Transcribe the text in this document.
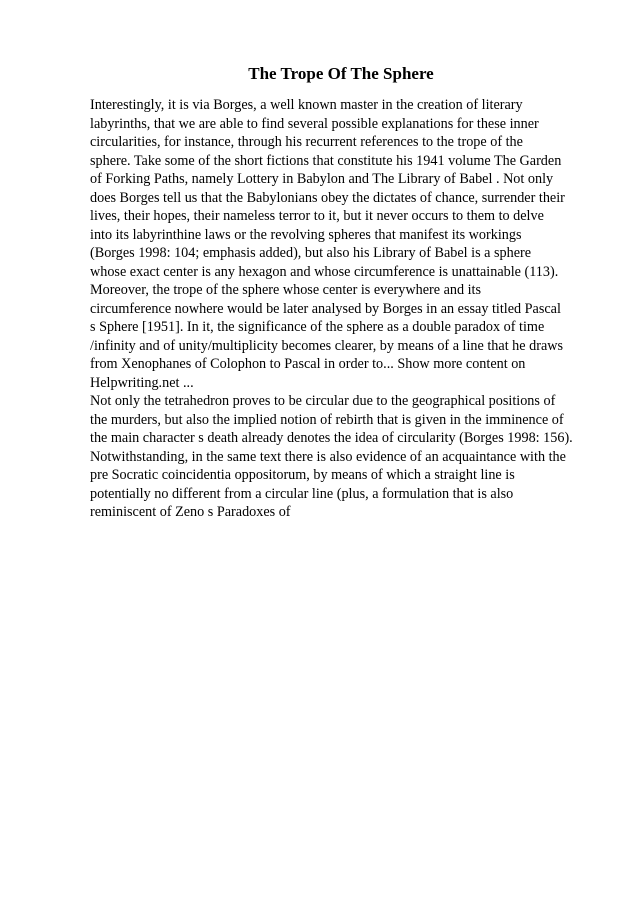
The Trope Of The Sphere
Interestingly, it is via Borges, a well known master in the creation of literary
labyrinths, that we are able to find several possible explanations for these inner
circularities, for instance, through his recurrent references to the trope of the
sphere. Take some of the short fictions that constitute his 1941 volume The Garden
of Forking Paths, namely Lottery in Babylon and The Library of Babel . Not only
does Borges tell us that the Babylonians obey the dictates of chance, surrender their
lives, their hopes, their nameless terror to it, but it never occurs to them to delve
into its labyrinthine laws or the revolving spheres that manifest its workings
(Borges 1998: 104; emphasis added), but also his Library of Babel is a sphere
whose exact center is any hexagon and whose circumference is unattainable (113).
Moreover, the trope of the sphere whose center is everywhere and its
circumference nowhere would be later analysed by Borges in an essay titled Pascal
s Sphere [1951]. In it, the significance of the sphere as a double paradox of time
/infinity and of unity/multiplicity becomes clearer, by means of a line that he draws
from Xenophanes of Colophon to Pascal in order to... Show more content on
Helpwriting.net ...
Not only the tetrahedron proves to be circular due to the geographical positions of
the murders, but also the implied notion of rebirth that is given in the imminence of
the main character s death already denotes the idea of circularity (Borges 1998: 156).
Notwithstanding, in the same text there is also evidence of an acquaintance with the
pre Socratic coincidentia oppositorum, by means of which a straight line is
potentially no different from a circular line (plus, a formulation that is also
reminiscent of Zeno s Paradoxes of
